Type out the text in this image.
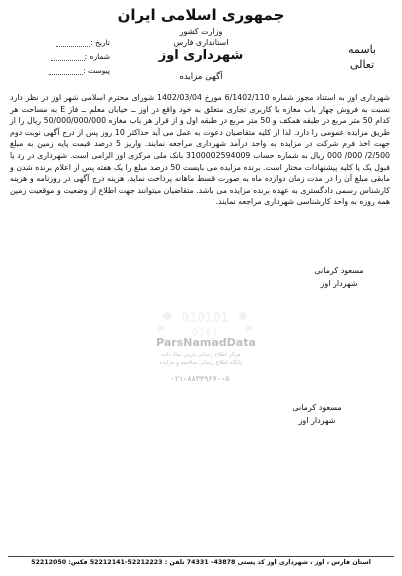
جمهوری اسلامی ایران
وزارت کشور
استانداری فارس
شهرداری اوز
آگهی مزایده
باسمه
تعالی
تاریخ :
شماره :
پیوست :
شهرداری اوز به استناد مجوز شماره 6/1402/110 مورخ 1402/03/04 شورای محترم اسلامی شهر اوز در نظر دارد نسبت به فروش چهار باب مغازه با کاربری تجاری متعلق به خود واقع در اوز ــ خیابان معلم ــ فاز E به مساحت هر کدام 50 متر مربع در طبقه همکف و 50 متر مربع در طبقه اول و از قرار هر باب مغازه 50/000/000/000 ریال را از طریق مزایده عمومی را دارد. لذا از کلیه متقاضیان دعوت به عمل می آید حداکثر 10 روز پس از درج آگهی نوبت دوم جهت اخذ فرم شرکت در مزایده به واحد درآمد شهرداری مراجعه نمایند. واریز 5 درصد قیمت پایه زمین به مبلغ 2/500/ 000/ 000 ریال به شماره حساب 3100002594009 بانک ملی مرکزی اوز الزامی است. شهرداری در رد یا قبول یک یا کلیه پیشنهادات مختار است. برنده مزایده می بایست 50 درصد مبلغ را یک هفته پس از اعلام برنده شدن و مابقی مبلغ آن را در مدت زمان دوازده ماه به صورت قسط ماهانه پرداخت نماید. هزینه درج آگهی در روزنامه و هزینه کارشناس رسمی دادگستری به عهده برنده مزایده می باشد. متقاضیان میتوانند جهت اطلاع از وضعیت و موقعیت زمین همه روزه به واحد کارشناسی شهرداری مراجعه نمایند.
مسعود کرمانی
شهردار اوز
010101
0101
ParsNamadData
مرکز اطلاع رسانی پارس نماد داده
پایگاه اطلاع رسانی مناقصه و مزایده
۰۲۱-۸۸۳۴۹۶۷۰-۵
مسعود کرمانی
شهردار اوز
استان فارس ، اوز ، شهرداری اوز کد پستی 43878- 74331 تلفن : 52212223-52212141 فکس: 52212050
